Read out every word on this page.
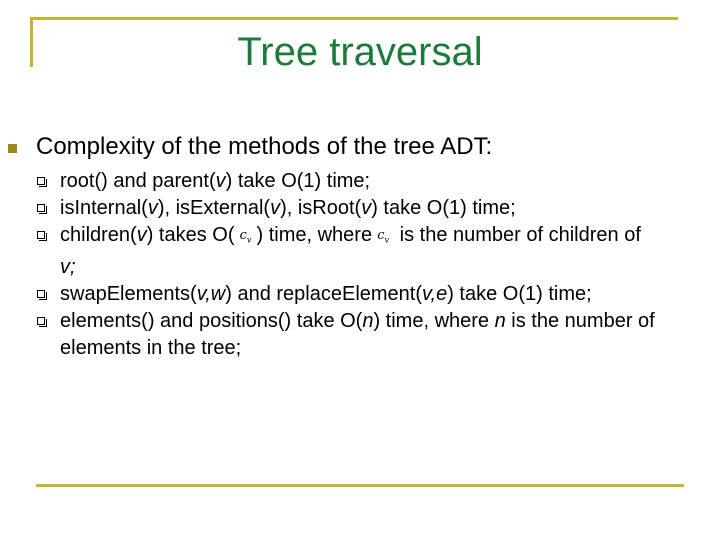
Tree traversal
Complexity of the methods of the tree ADT:
root() and parent(v) take O(1) time;
isInternal(v), isExternal(v), isRoot(v) take O(1) time;
children(v) takes O( $c_v$ ) time, where $c_v$ is the number of children of
v;
swapElements(v,w) and replaceElement(v,e) take O(1) time;
elements() and positions() take O(n) time, where n is the number of elements in the tree;
